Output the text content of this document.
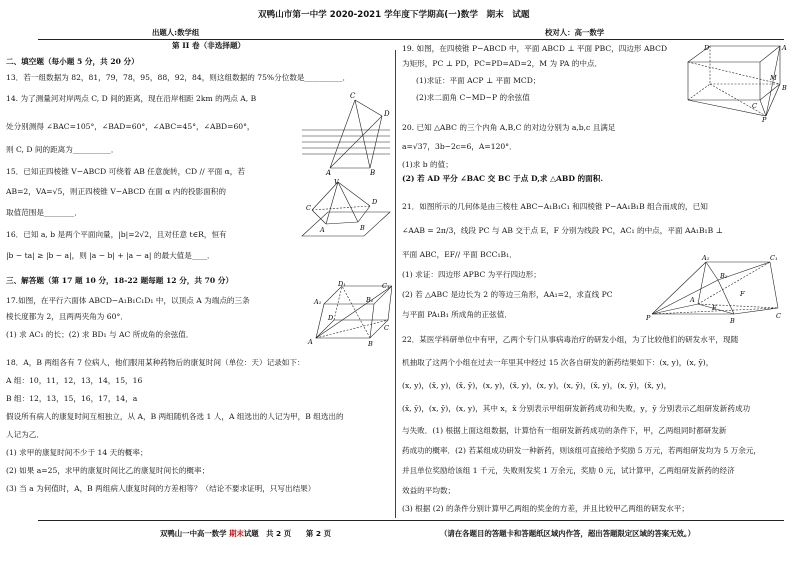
双鸭山市第一中学 2020-2021 学年度下学期高(一)数学　期末　试题
出题人:数学组	校对人：高一数学
第 II 卷（非选择题）
二、填空题（每小题 5 分，共 20 分）
13．若一组数据为 82，81，79，78，95，88，92，84，则这组数据的 75%分位数是__________．
14. 为了测量河对岸两点 C, D 间的距离，现在沿岸相距 2km 的两点 A, B
处分别测得 ∠BAC=105°，∠BAD=60°，∠ABC=45°，∠ABD=60°，
则 C, D 间的距离为__________．
C
D
A	B
15．已知正四棱锥 V−ABCD 可绕着 AB 任意旋转，CD // 平面 α，若
AB=2，VA=√5，则正四棱锥 V−ABCD 在面 α 内的投影面积的
取值范围是________．
V
D
C
A	B
16．已知 a, b 是两个平面向量，|b|=2√2，且对任意 t∈R，恒有
|b − ta| ≥ |b − a|，则 |a − b| + |a − a| 的最大值是____．
三、解答题（第 17 题 10 分，18-22 题每题 12 分，共 70 分）
17.如图，在平行六面体 ABCD−A₁B₁C₁D₁ 中，以顶点 A 为端点的三条
棱长度都为 2，且两两夹角为 60°．
(1) 求 AC₁ 的长；(2) 求 BD₁ 与 AC 所成角的余弦值．
A₁	B₁
C₁
D₁
A	B
C
D
18．A，B 两组各有 7 位病人，他们服用某种药物后的康复时间（单位：天）记录如下：
A 组：10，11，12，13，14，15，16
B 组：12，13，15，16，17，14，a
假设所有病人的康复时间互相独立，从 A，B 两组随机各选 1 人，A 组选出的人记为甲，B 组选出的
人记为乙．
(1) 求甲的康复时间不少于 14 天的概率；
(2) 如果 a=25，求甲的康复时间比乙的康复时间长的概率；
(3) 当 a 为何值时，A，B 两组病人康复时间的方差相等？（结论不要求证明，只写出结果）
19. 如图，在四棱锥 P−ABCD 中，平面 ABCD ⊥ 平面 PBC，四边形 ABCD
为矩形，PC ⊥ PD，PC=PD=AD=2，M 为 PA 的中点．
(1)求证：平面 ACP ⊥ 平面 MCD；
(2)求二面角 C−MD−P 的余弦值
A
D
M
B
C
P
20. 已知 △ABC 的三个内角 A,B,C 的对边分别为 a,b,c 且满足
a=√37，3b−2c=6，A=120°．
(1)求 b 的值；
(2) 若 AD 平分 ∠BAC 交 BC 于点 D,求 △ABD 的面积.
21．如图所示的几何体是由三棱柱 ABC−A₁B₁C₁ 和四棱锥 P−AA₁B₁B 组合而成的，已知
∠AAB = 2π/3，线段 PC 与 AB 交于点 E，F 分别为线段 PC，AC₁ 的中点，平面 AA₁B₁B ⊥
平面 ABC，EF// 平面 BCC₁B₁．
(1) 求证：四边形 APBC 为平行四边形；
(2) 若 △ABC 是边长为 2 的等边三角形，AA₁=2，求直线 PC
与平面 PA₁B₁ 所成角的正弦值．
A₁
B₁
C₁
A
B
C
E
F
P
22．某医学科研单位中有甲，乙两个专门从事病毒治疗的研发小组，为了比较他们的研发水平，现随
机抽取了这两个小组在过去一年里其中经过 15 次各自研发的新药结果如下：(x, y)，(x, ȳ)，
(x, y)，(x̄, y)，(x̄, ȳ)，(x, y)，(x̄, y)，(x, y)，(x, ȳ)，(x̄, y)，(x, ȳ)，(x̄, y)，
(x̄, ȳ)，(x, ȳ)，(x, y)，其中 x，x̄ 分别表示甲组研发新药成功和失败，y，ȳ 分别表示乙组研发新药成功
与失败．(1) 根据上面这组数据，计算恰有一组研发新药成功的条件下，甲，乙两组同时都研发新
药成功的概率．(2) 若某组成功研发一种新药，则该组可直接给予奖励 5 万元，若两组研发均为 5 万余元，
并且单位奖励给该组 1 千元，失败则发奖 1 万余元，奖励 0 元，试计算甲，乙两组研发新药的经济
效益的平均数；
(3) 根据 (2) 的条件分别计算甲乙两组的奖金的方差，并且比较甲乙两组的研发水平；
双鸭山一中高一数学 期末试题　共 2 页　　第 2 页	（请在各题目的答题卡和答题纸区域内作答，超出答题限定区域的答案无效。）
